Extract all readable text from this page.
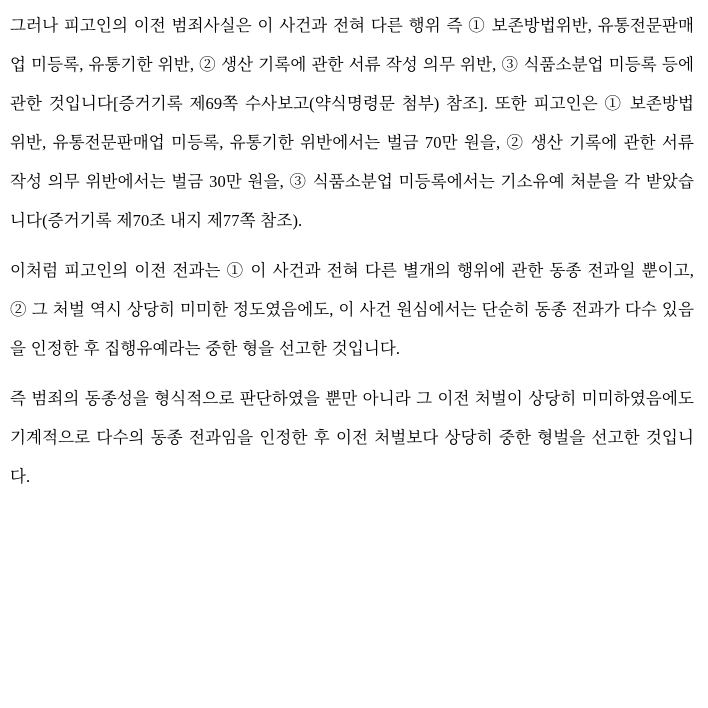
그러나 피고인의 이전 범죄사실은 이 사건과 전혀 다른 행위 즉 ① 보존방법위반, 유통전문판매업 미등록, 유통기한 위반, ② 생산 기록에 관한 서류 작성 의무 위반, ③ 식품소분업 미등록 등에 관한 것입니다[증거기록 제69쪽 수사보고(약식명령문 첨부) 참조]. 또한 피고인은 ① 보존방법 위반, 유통전문판매업 미등록, 유통기한 위반에서는 벌금 70만 원을, ② 생산 기록에 관한 서류 작성 의무 위반에서는 벌금 30만 원을, ③ 식품소분업 미등록에서는 기소유예 처분을 각 받았습니다(증거기록 제70조 내지 제77쪽 참조).

이처럼 피고인의 이전 전과는 ① 이 사건과 전혀 다른 별개의 행위에 관한 동종 전과일 뿐이고, ② 그 처벌 역시 상당히 미미한 정도였음에도, 이 사건 원심에서는 단순히 동종 전과가 다수 있음을 인정한 후 집행유예라는 중한 형을 선고한 것입니다.

즉 범죄의 동종성을 형식적으로 판단하였을 뿐만 아니라 그 이전 처벌이 상당히 미미하였음에도 기계적으로 다수의 동종 전과임을 인정한 후 이전 처벌보다 상당히 중한 형벌을 선고한 것입니다.
